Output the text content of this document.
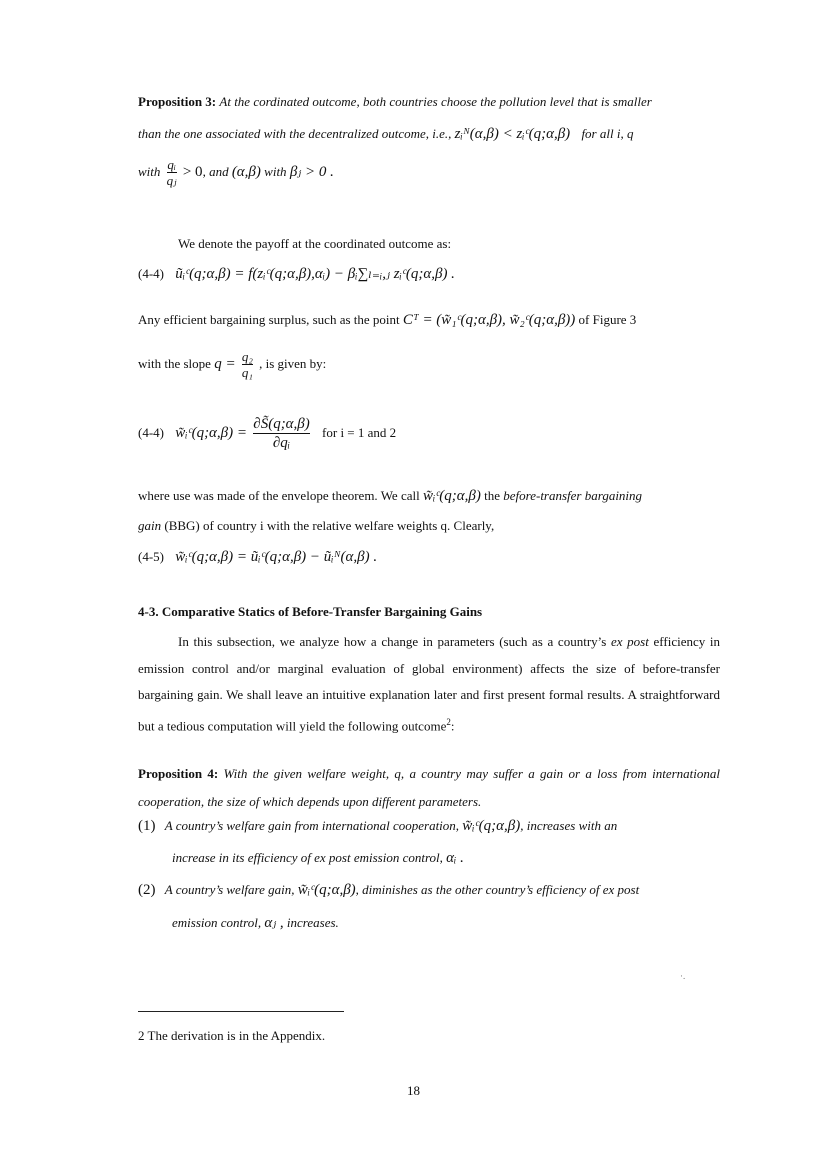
Proposition 3: At the cordinated outcome, both countries choose the pollution level that is smaller
than the one associated with the decentralized outcome, i.e., zᵢᴺ(α,β) < zᵢᶜ(q;α,β) for all i, q
with $\frac{\text{qᵢ}}{\text{qⱼ}} > 0$, and (α,β) with βⱼ > 0 .
We denote the payoff at the coordinated outcome as:
(4-4) ũᵢᶜ(q;α,β) = f(zᵢᶜ(q;α,β),αᵢ) − βᵢ∑ₗ₌ᵢ,ⱼ zᵢᶜ(q;α,β) .
Any efficient bargaining surplus, such as the point Cᵀ = (w̃₁ᶜ(q;α,β), w̃₂ᶜ(q;α,β)) of Figure 3
with the slope $q = \frac{\text{q₂}}{\text{q₁}}$ , is given by:
(4-4) w̃ᵢᶜ(q;α,β) = $\frac{\partial S̃(q;\alpha,\beta)}{\text{∂qᵢ}}$ for i = 1 and 2
where use was made of the envelope theorem. We call w̃ᵢᶜ(q;α,β) the before-transfer bargaining
gain (BBG) of country i with the relative welfare weights q. Clearly,
(4-5) w̃ᵢᶜ(q;α,β) = ũᵢᶜ(q;α,β) − ũᵢᴺ(α,β) .
4-3. Comparative Statics of Before-Transfer Bargaining Gains
In this subsection, we analyze how a change in parameters (such as a country’s ex post efficiency in emission control and/or marginal evaluation of global environment) affects the size of before-transfer bargaining gain. We shall leave an intuitive explanation later and first present formal results. A straightforward but a tedious computation will yield the following outcome$^2$:
Proposition 4: With the given welfare weight, q, a country may suffer a gain or a loss from international cooperation, the size of which depends upon different parameters.
(1) A country’s welfare gain from international cooperation, w̃ᵢᶜ(q;α,β), increases with an
increase in its efficiency of ex post emission control, αᵢ .
(2) A country’s welfare gain, w̃ᵢᶜ(q;α,β), diminishes as the other country’s efficiency of ex post
emission control, αⱼ , increases.
·.
2 The derivation is in the Appendix.
18
